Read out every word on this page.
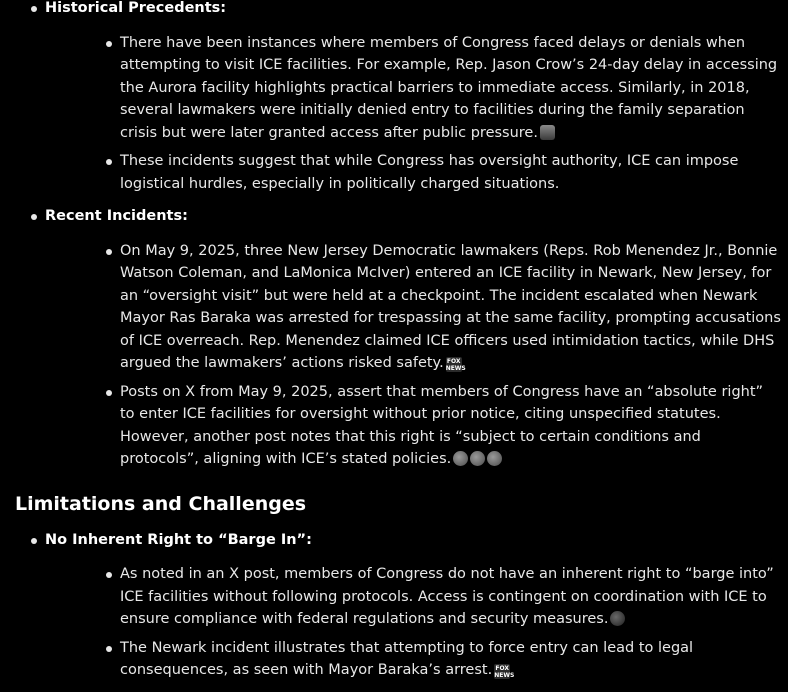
Historical Precedents:
There have been instances where members of Congress faced delays or denials when attempting to visit ICE facilities. For example, Rep. Jason Crow’s 24-day delay in accessing the Aurora facility highlights practical barriers to immediate access. Similarly, in 2018, several lawmakers were initially denied entry to facilities during the family separation crisis but were later granted access after public pressure.
These incidents suggest that while Congress has oversight authority, ICE can impose logistical hurdles, especially in politically charged situations.
Recent Incidents:
On May 9, 2025, three New Jersey Democratic lawmakers (Reps. Rob Menendez Jr., Bonnie Watson Coleman, and LaMonica McIver) entered an ICE facility in Newark, New Jersey, for an “oversight visit” but were held at a checkpoint. The incident escalated when Newark Mayor Ras Baraka was arrested for trespassing at the same facility, prompting accusations of ICE overreach. Rep. Menendez claimed ICE officers used intimidation tactics, while DHS argued the lawmakers’ actions risked safety. FOX NEWS
Posts on X from May 9, 2025, assert that members of Congress have an “absolute right” to enter ICE facilities for oversight without prior notice, citing unspecified statutes. However, another post notes that this right is “subject to certain conditions and protocols”, aligning with ICE’s stated policies.
Limitations and Challenges
No Inherent Right to “Barge In”:
As noted in an X post, members of Congress do not have an inherent right to “barge into” ICE facilities without following protocols. Access is contingent on coordination with ICE to ensure compliance with federal regulations and security measures.
The Newark incident illustrates that attempting to force entry can lead to legal consequences, as seen with Mayor Baraka’s arrest. FOX NEWS
